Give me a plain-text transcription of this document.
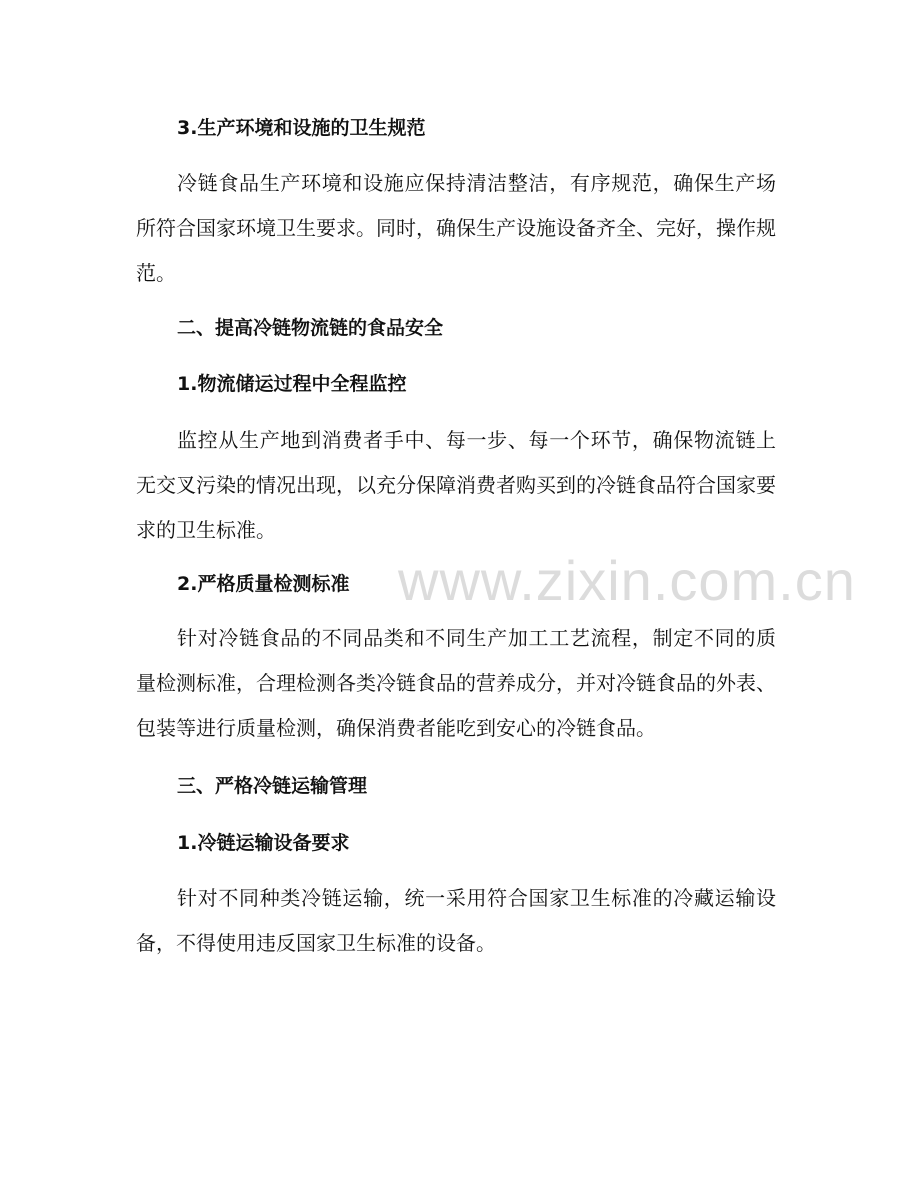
3.生产环境和设施的卫生规范

冷链食品生产环境和设施应保持清洁整洁，有序规范，确保生产场所符合国家环境卫生要求。同时，确保生产设施设备齐全、完好，操作规范。

二、提高冷链物流链的食品安全
1.物流储运过程中全程监控

监控从生产地到消费者手中、每一步、每一个环节，确保物流链上无交叉污染的情况出现，以充分保障消费者购买到的冷链食品符合国家要求的卫生标准。

2.严格质量检测标准

针对冷链食品的不同品类和不同生产加工工艺流程，制定不同的质量检测标准，合理检测各类冷链食品的营养成分，并对冷链食品的外表、包装等进行质量检测，确保消费者能吃到安心的冷链食品。

三、严格冷链运输管理
1.冷链运输设备要求

针对不同种类冷链运输，统一采用符合国家卫生标准的冷藏运输设备，不得使用违反国家卫生标准的设备。

www.zixin.com.cn
